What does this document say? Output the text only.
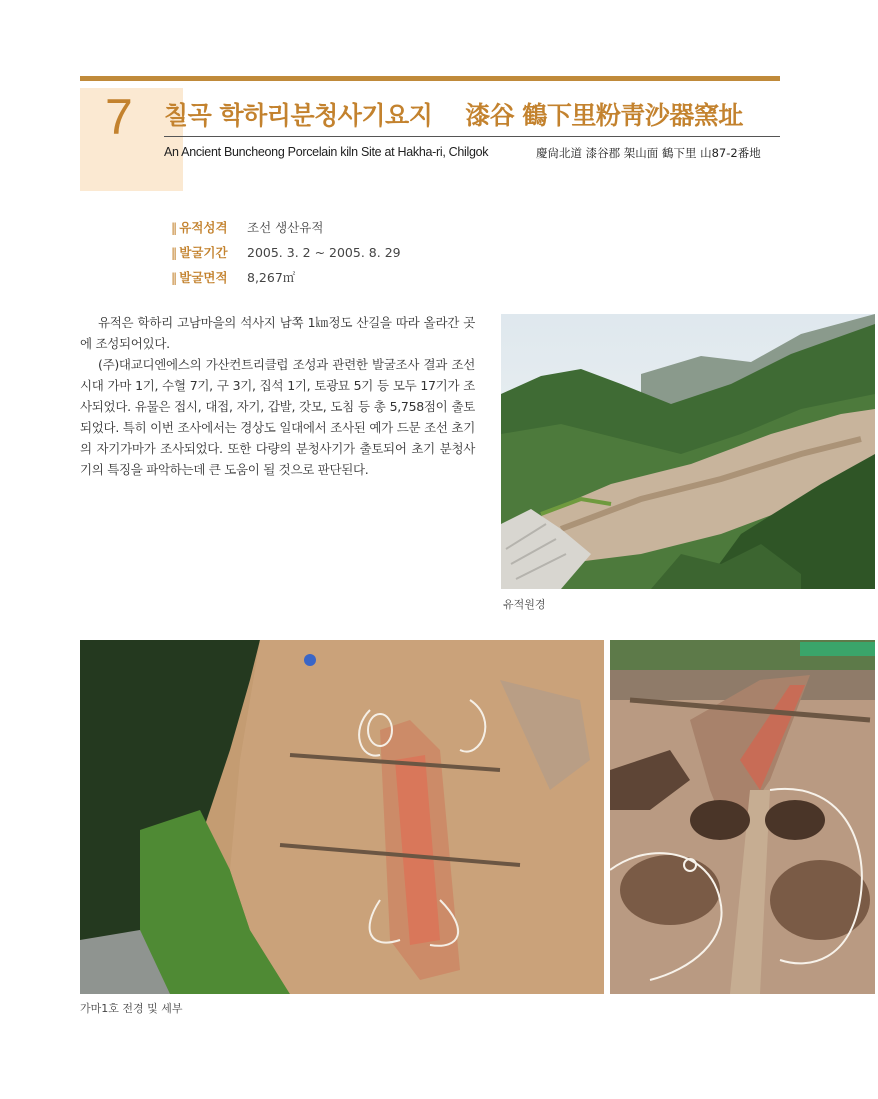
7 칠곡 학하리분청사기요지 漆谷 鶴下里粉靑沙器窯址
An Ancient Buncheong Porcelain kiln Site at Hakha-ri, Chilgok	慶尙北道 漆谷郡 架山面 鶴下里 山87-2番地
‖ 유적성격	조선 생산유적
‖ 발굴기간	2005. 3. 2 ~ 2005. 8. 29
‖ 발굴면적	8,267㎡

유적은 학하리 고남마을의 석사지 남쪽 1㎞정도 산길을 따라 올라간 곳에 조성되어있다.

(주)대교디엔에스의 가산컨트리클럽 조성과 관련한 발굴조사 결과 조선시대 가마 1기, 수혈 7기, 구 3기, 집석 1기, 토광묘 5기 등 모두 17기가 조사되었다. 유물은 접시, 대접, 자기, 갑발, 갓모, 도침 등 총 5,758점이 출토되었다. 특히 이번 조사에서는 경상도 일대에서 조사된 예가 드문 조선 초기의 자기가마가 조사되었다. 또한 다량의 분청사기가 출토되어 초기 분청사기의 특징을 파악하는데 큰 도움이 될 것으로 판단된다.

유적원경
가마1호 전경 및 세부
